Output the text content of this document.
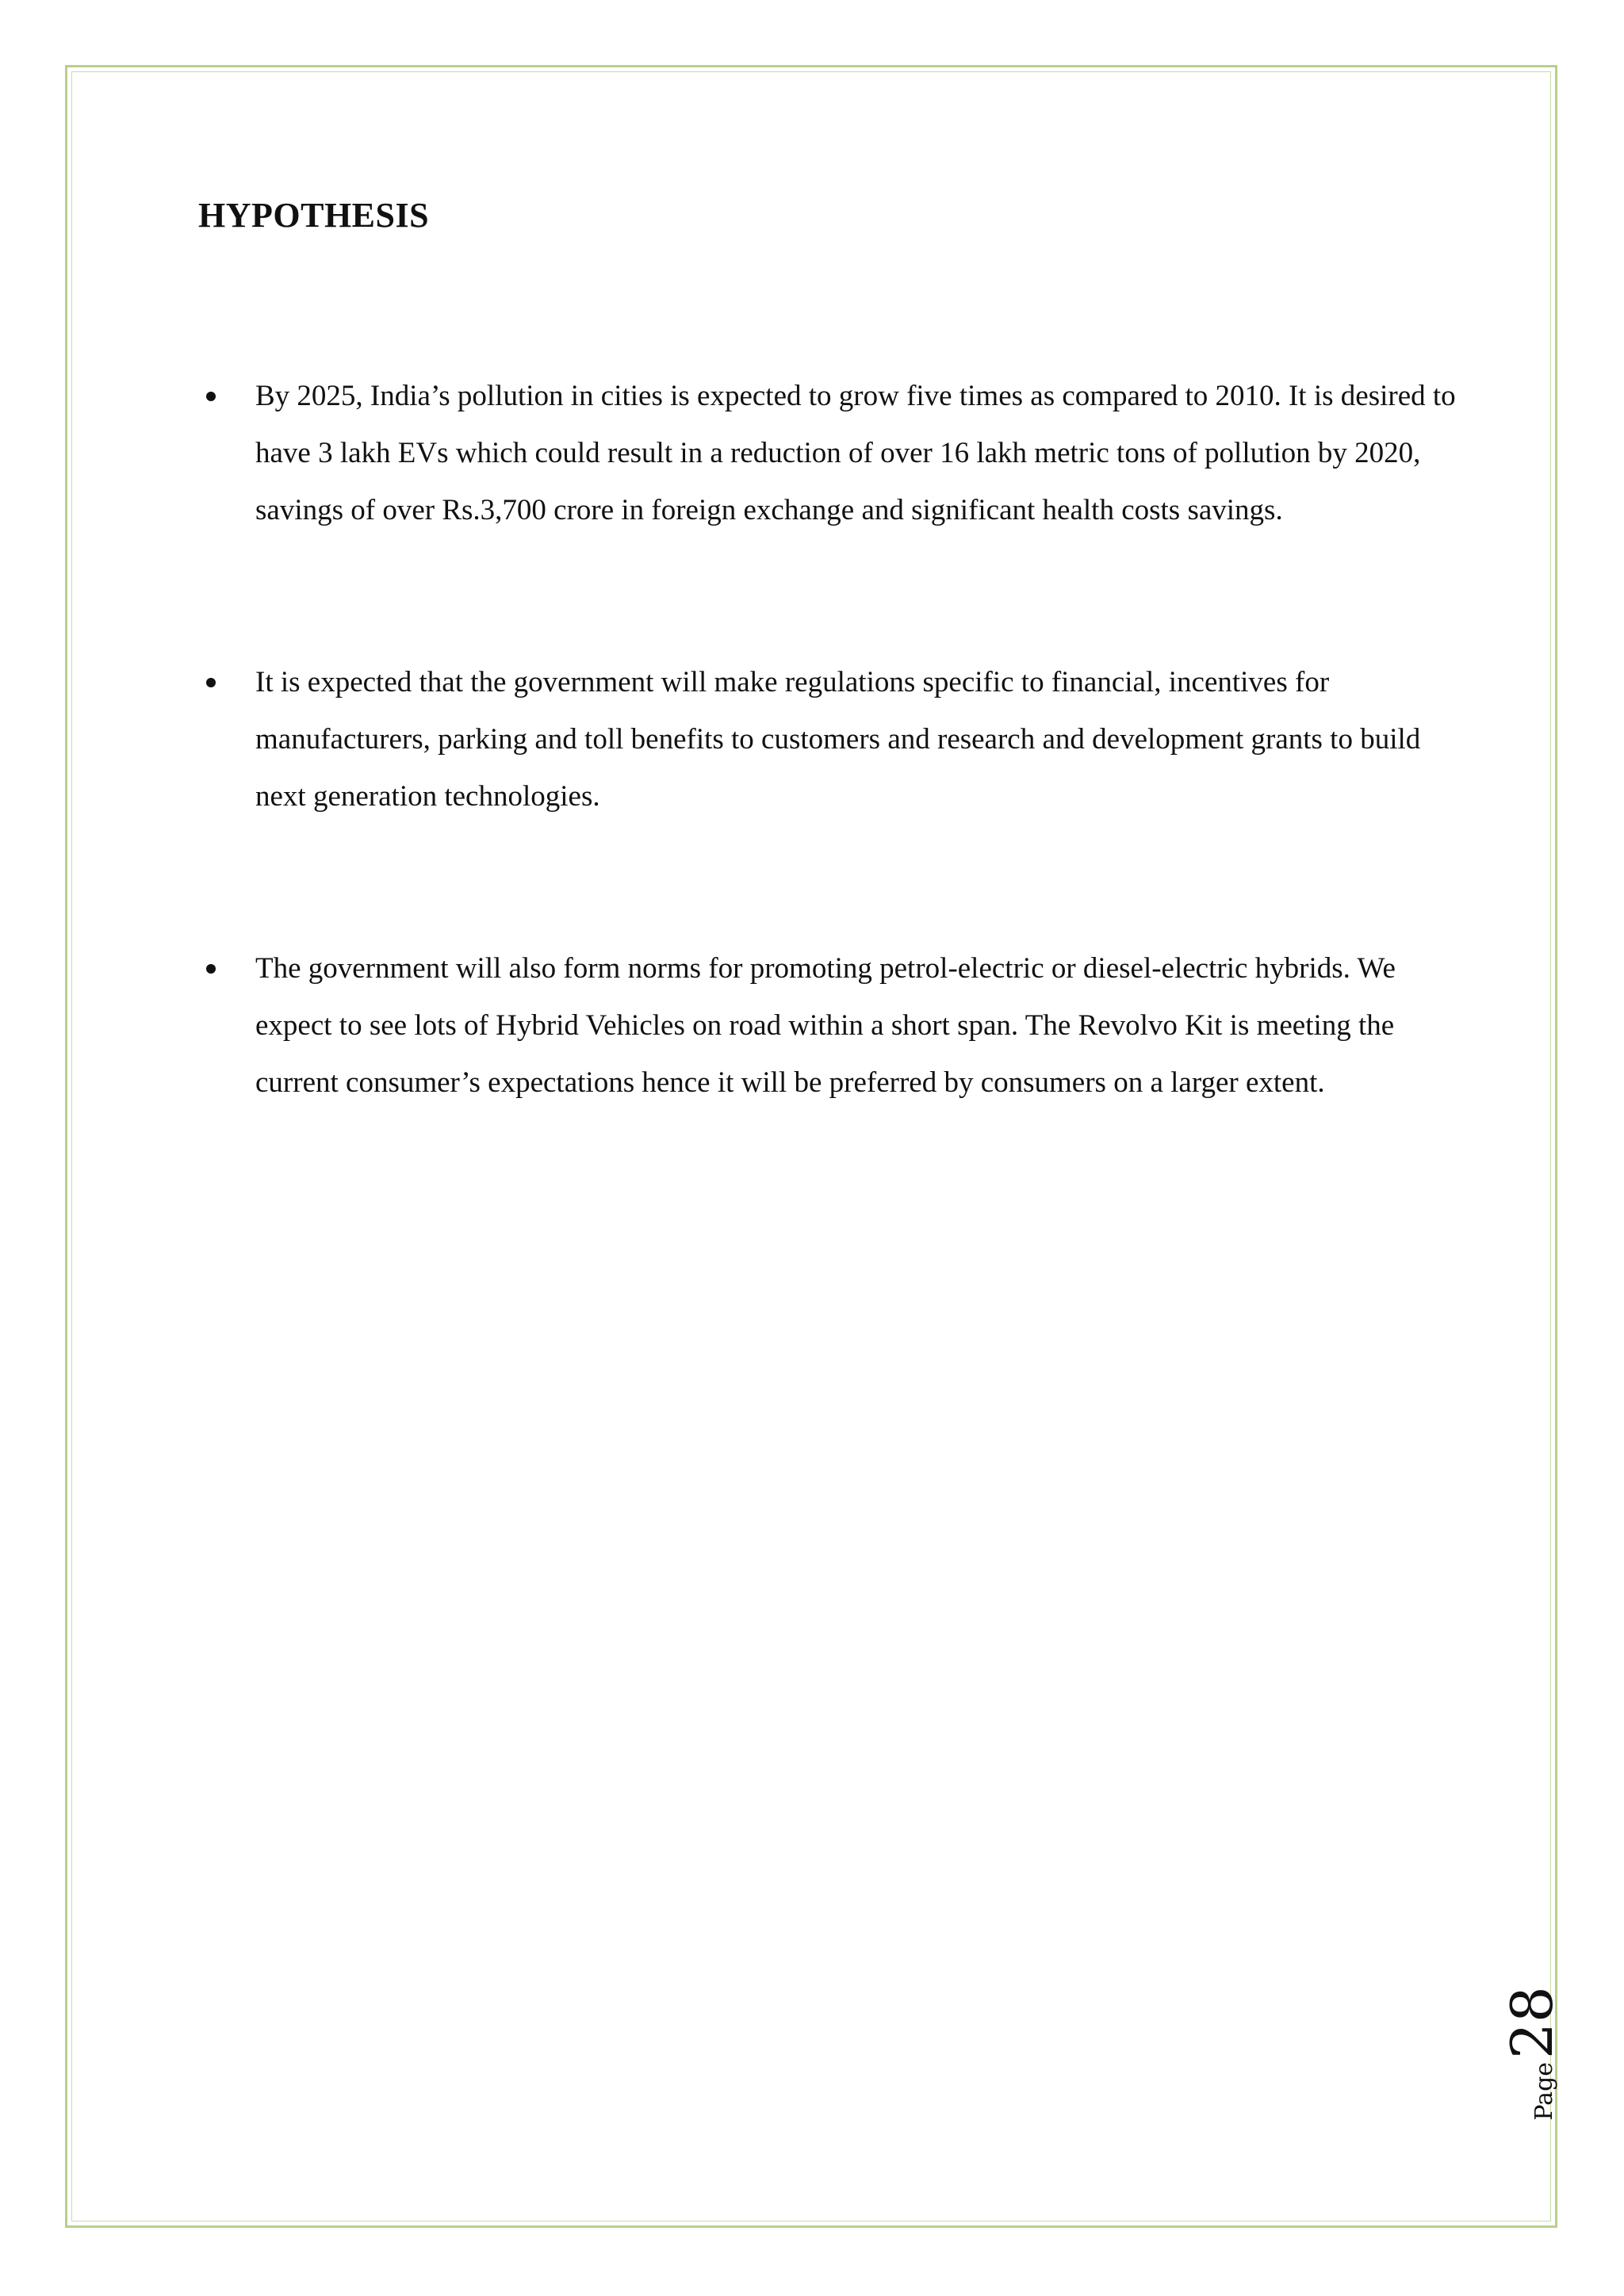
HYPOTHESIS
By 2025, India’s pollution in cities is expected to grow five times as compared to 2010. It is desired to have 3 lakh EVs which could result in a reduction of over 16 lakh metric tons of pollution by 2020, savings of over Rs.3,700 crore in foreign exchange and significant health costs savings.
It is expected that the government will make regulations specific to financial, incentives for manufacturers, parking and toll benefits to customers and research and development grants to build next generation technologies.
The government will also form norms for promoting petrol-electric or diesel-electric hybrids. We expect to see lots of Hybrid Vehicles on road within a short span. The Revolvo Kit is meeting the current consumer’s expectations hence it will be preferred by consumers on a larger extent.
Page
28
